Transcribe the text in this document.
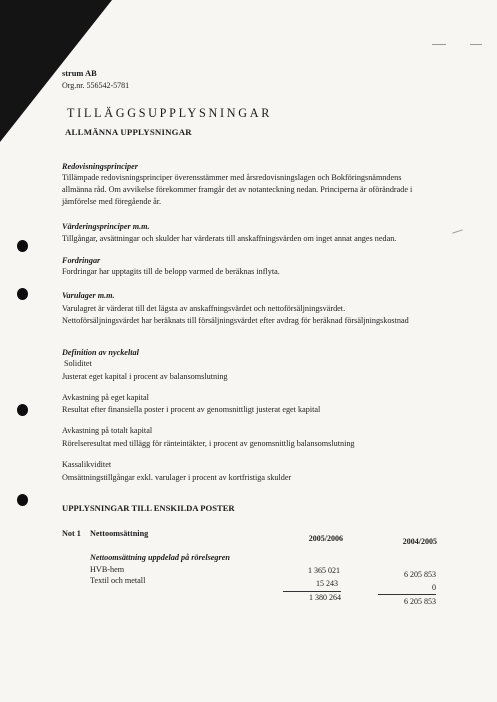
strum AB
Org.nr. 556542-5781
TILLÄGGSUPPLYSNINGAR
ALLMÄNNA UPPLYSNINGAR
Redovisningsprinciper
Tillämpade redovisningsprinciper överensstämmer med årsredovisningslagen och Bokföringsnämndens
allmänna råd. Om avvikelse förekommer framgår det av notanteckning nedan. Principerna är oförändrade i
jämförelse med föregående år.
Värderingsprinciper m.m.
Tillgångar, avsättningar och skulder har värderats till anskaffningsvärden om inget annat anges nedan.
Fordringar
Fordringar har upptagits till de belopp varmed de beräknas inflyta.
Varulager m.m.
Varulagret är värderat till det lägsta av anskaffningsvärdet och nettoförsäljningsvärdet.
Nettoförsäljningsvärdet har beräknats till försäljningsvärdet efter avdrag för beräknad försäljningskostnad
Definition av nyckeltal
Soliditet
Justerat eget kapital i procent av balansomslutning
Avkastning på eget kapital
Resultat efter finansiella poster i procent av genomsnittligt justerat eget kapital
Avkastning på totalt kapital
Rörelseresultat med tillägg för ränteintäkter, i procent av genomsnittlig balansomslutning
Kassalikviditet
Omsättningstillgångar exkl. varulager i procent av kortfristiga skulder
UPPLYSNINGAR TILL ENSKILDA POSTER
Not 1 Nettoomsättning
2005/2006	2004/2005
Nettoomsättning uppdelad på rörelsegren
HVB-hem	1 365 021	6 205 853
Textil och metall	15 243	0
1 380 264	6 205 853
